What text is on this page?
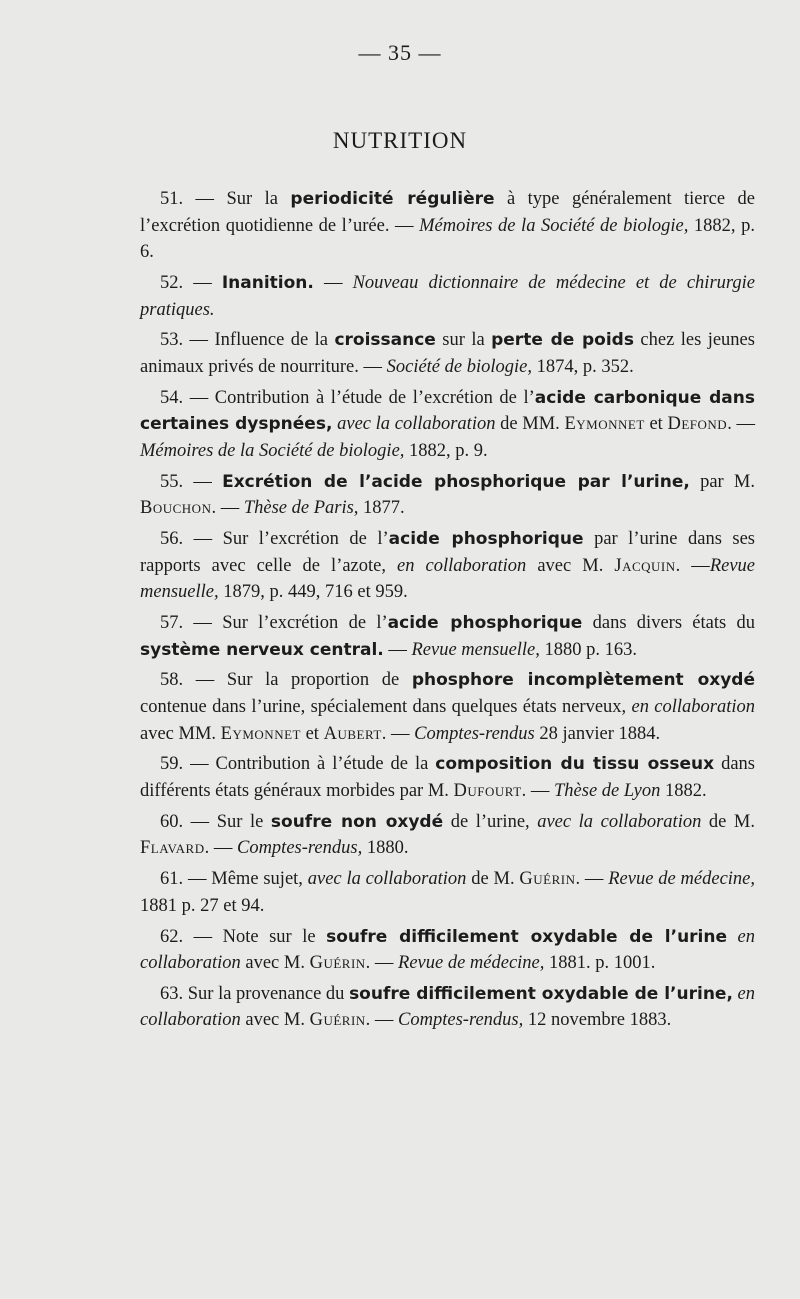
— 35 —
NUTRITION

51. — Sur la periodicité régulière à type généralement tierce de l’excrétion quotidienne de l’urée. — Mémoires de la Société de biologie, 1882, p. 6.

52. — Inanition. — Nouveau dictionnaire de médecine et de chirurgie pratiques.

53. — Influence de la croissance sur la perte de poids chez les jeunes animaux privés de nourriture. — Société de biologie, 1874, p. 352.

54. — Contribution à l’étude de l’excrétion de l’acide carbonique dans certaines dyspnées, avec la collaboration de MM. Eymonnet et Defond. — Mémoires de la Société de biologie, 1882, p. 9.

55. — Excrétion de l’acide phosphorique par l’urine, par M. Bouchon. — Thèse de Paris, 1877.

56. — Sur l’excrétion de l’acide phosphorique par l’urine dans ses rapports avec celle de l’azote, en collaboration avec M. Jacquin. —Revue mensuelle, 1879, p. 449, 716 et 959.

57. — Sur l’excrétion de l’acide phosphorique dans divers états du système nerveux central. — Revue mensuelle, 1880 p. 163.

58. — Sur la proportion de phosphore incomplètement oxydé contenue dans l’urine, spécialement dans quelques états nerveux, en collaboration avec MM. Eymonnet et Aubert. — Comptes-rendus 28 janvier 1884.

59. — Contribution à l’étude de la composition du tissu osseux dans différents états généraux morbides par M. Dufourt. — Thèse de Lyon 1882.

60. — Sur le soufre non oxydé de l’urine, avec la collaboration de M. Flavard. — Comptes-rendus, 1880.

61. — Même sujet, avec la collaboration de M. Guérin. — Revue de médecine, 1881 p. 27 et 94.

62. — Note sur le soufre difficilement oxydable de l’urine en collaboration avec M. Guérin. — Revue de médecine, 1881. p. 1001.

63. Sur la provenance du soufre difficilement oxydable de l’urine, en collaboration avec M. Guérin. — Comptes-rendus, 12 novembre 1883.
